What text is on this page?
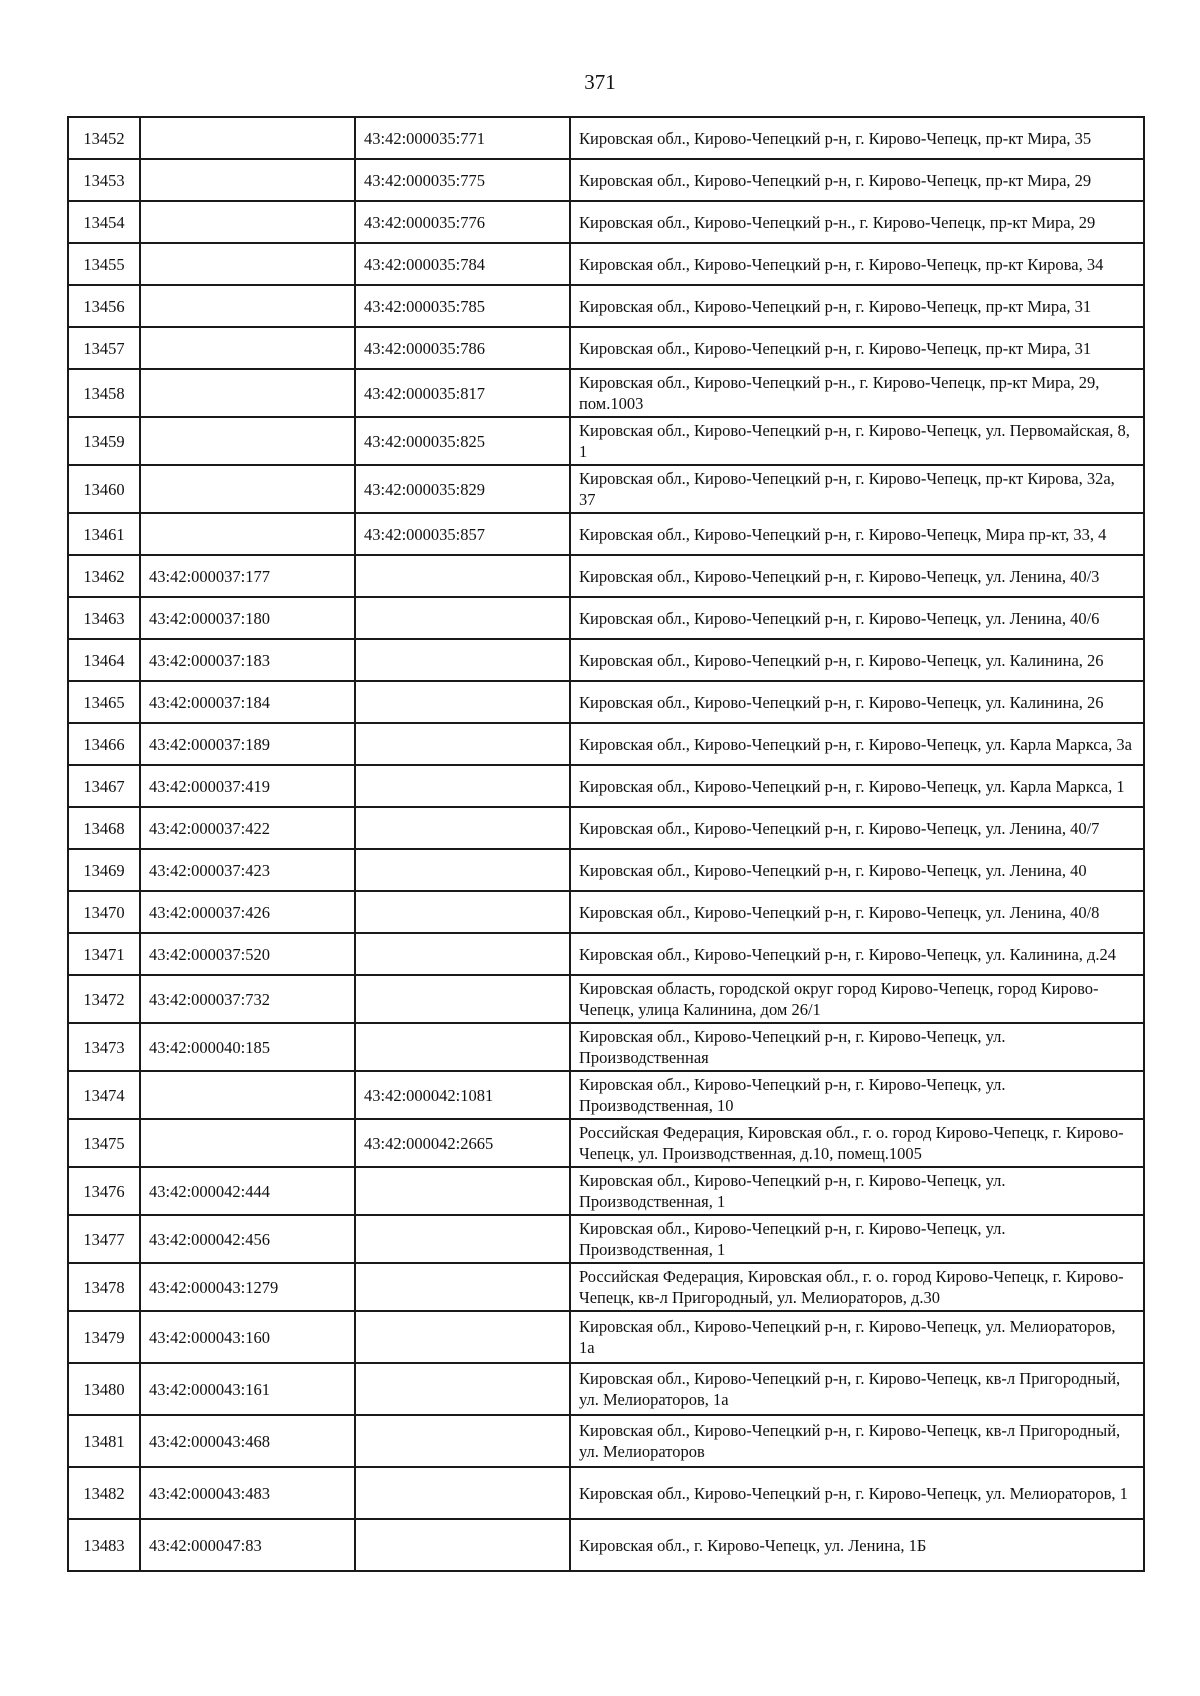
371
13452		43:42:000035:771	Кировская обл., Кирово-Чепецкий р-н, г. Кирово-Чепецк, пр-кт Мира, 35
13453		43:42:000035:775	Кировская обл., Кирово-Чепецкий р-н, г. Кирово-Чепецк, пр-кт Мира, 29
13454		43:42:000035:776	Кировская обл., Кирово-Чепецкий р-н., г. Кирово-Чепецк, пр-кт Мира, 29
13455		43:42:000035:784	Кировская обл., Кирово-Чепецкий р-н, г. Кирово-Чепецк, пр-кт Кирова, 34
13456		43:42:000035:785	Кировская обл., Кирово-Чепецкий р-н, г. Кирово-Чепецк, пр-кт Мира, 31
13457		43:42:000035:786	Кировская обл., Кирово-Чепецкий р-н, г. Кирово-Чепецк, пр-кт Мира, 31
13458		43:42:000035:817	Кировская обл., Кирово-Чепецкий р-н., г. Кирово-Чепецк, пр-кт Мира, 29, пом.1003
13459		43:42:000035:825	Кировская обл., Кирово-Чепецкий р-н, г. Кирово-Чепецк, ул. Первомайская, 8, 1
13460		43:42:000035:829	Кировская обл., Кирово-Чепецкий р-н, г. Кирово-Чепецк, пр-кт Кирова, 32а, 37
13461		43:42:000035:857	Кировская обл., Кирово-Чепецкий р-н, г. Кирово-Чепецк, Мира пр-кт, 33, 4
13462	43:42:000037:177		Кировская обл., Кирово-Чепецкий р-н, г. Кирово-Чепецк, ул. Ленина, 40/3
13463	43:42:000037:180		Кировская обл., Кирово-Чепецкий р-н, г. Кирово-Чепецк, ул. Ленина, 40/6
13464	43:42:000037:183		Кировская обл., Кирово-Чепецкий р-н, г. Кирово-Чепецк, ул. Калинина, 26
13465	43:42:000037:184		Кировская обл., Кирово-Чепецкий р-н, г. Кирово-Чепецк, ул. Калинина, 26
13466	43:42:000037:189		Кировская обл., Кирово-Чепецкий р-н, г. Кирово-Чепецк, ул. Карла Маркса, 3а
13467	43:42:000037:419		Кировская обл., Кирово-Чепецкий р-н, г. Кирово-Чепецк, ул. Карла Маркса, 1
13468	43:42:000037:422		Кировская обл., Кирово-Чепецкий р-н, г. Кирово-Чепецк, ул. Ленина, 40/7
13469	43:42:000037:423		Кировская обл., Кирово-Чепецкий р-н, г. Кирово-Чепецк, ул. Ленина, 40
13470	43:42:000037:426		Кировская обл., Кирово-Чепецкий р-н, г. Кирово-Чепецк, ул. Ленина, 40/8
13471	43:42:000037:520		Кировская обл., Кирово-Чепецкий р-н, г. Кирово-Чепецк, ул. Калинина, д.24
13472	43:42:000037:732		Кировская область, городской округ город Кирово-Чепецк, город Кирово-Чепецк, улица Калинина, дом 26/1
13473	43:42:000040:185		Кировская обл., Кирово-Чепецкий р-н, г. Кирово-Чепецк, ул. Производственная
13474		43:42:000042:1081	Кировская обл., Кирово-Чепецкий р-н, г. Кирово-Чепецк, ул. Производственная, 10
13475		43:42:000042:2665	Российская Федерация, Кировская обл., г. о. город Кирово-Чепецк, г. Кирово-Чепецк, ул. Производственная, д.10, помещ.1005
13476	43:42:000042:444		Кировская обл., Кирово-Чепецкий р-н, г. Кирово-Чепецк, ул. Производственная, 1
13477	43:42:000042:456		Кировская обл., Кирово-Чепецкий р-н, г. Кирово-Чепецк, ул. Производственная, 1
13478	43:42:000043:1279		Российская Федерация, Кировская обл., г. о. город Кирово-Чепецк, г. Кирово-Чепецк, кв-л Пригородный, ул. Мелиораторов, д.30
13479	43:42:000043:160		Кировская обл., Кирово-Чепецкий р-н, г. Кирово-Чепецк, ул. Мелиораторов, 1а
13480	43:42:000043:161		Кировская обл., Кирово-Чепецкий р-н, г. Кирово-Чепецк, кв-л Пригородный, ул. Мелиораторов, 1а
13481	43:42:000043:468		Кировская обл., Кирово-Чепецкий р-н, г. Кирово-Чепецк, кв-л Пригородный, ул. Мелиораторов
13482	43:42:000043:483		Кировская обл., Кирово-Чепецкий р-н, г. Кирово-Чепецк, ул. Мелиораторов, 1
13483	43:42:000047:83		Кировская обл., г. Кирово-Чепецк, ул. Ленина, 1Б
